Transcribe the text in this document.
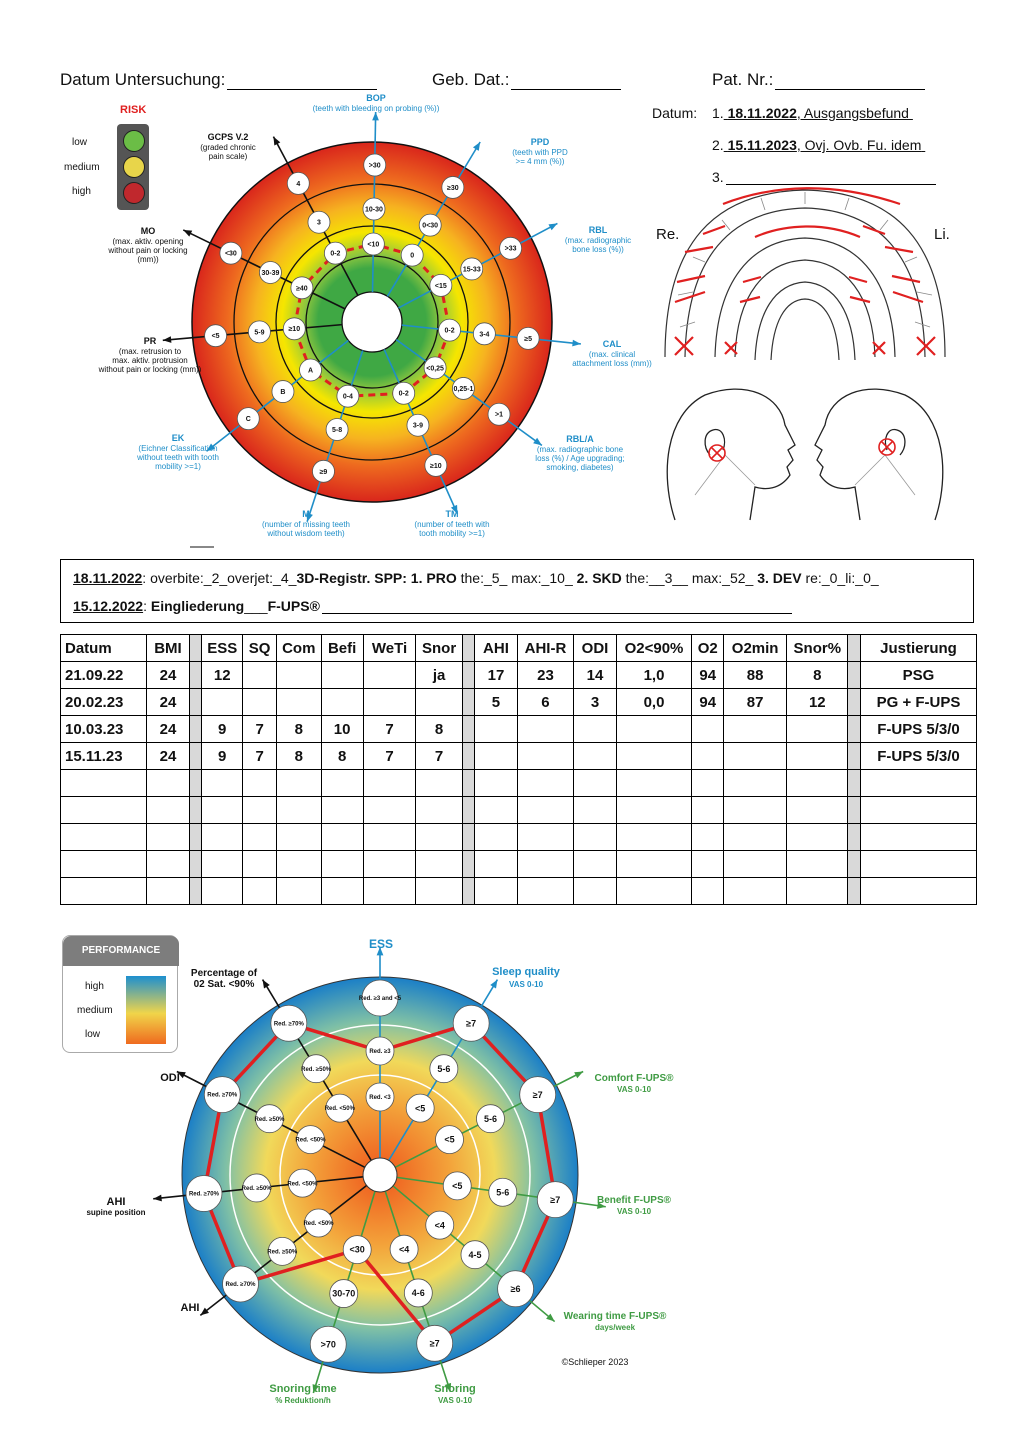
Datum Untersuchung:	Geb. Dat.:	Pat. Nr.:
Datum: 1. 18.11.2022, Ausgangsbefund
2. 15.11.2023, Ovj. Ovb. Fu. idem
3.
Re.	Li.
RISK
low
medium
high
4
3
0-2
>30
10-30
<10
≥30
0<30
0
>33
15-33
<15
≥5
3-4
0-2
>1
0,25-1
<0,25
≥10
3-9
0-2
≥9
5-8
0-4
C
B
A
<5
5-9	≥10
<30
30-39
≥40
BOP
(teeth with bleeding on probing (%))
PPD
(teeth with PPD
>= 4 mm (%))
RBL
(max. radiographic
bone loss (%))
CAL
(max. clinical
attachment loss (mm))
RBL/A
(max. radiographic bone
loss (%) / Age upgrading;
smoking, diabetes)
TM
(number of teeth with
tooth mobility >=1)
M
(number of missing teeth
without wisdom teeth)
EK
(Eichner Classification
without teeth with tooth
mobility >=1)
PR
(max. retrusion to
max. aktiv. protrusion
without pain or locking (mm))
MO
(max. aktiv. opening
without pain or locking
(mm))
GCPS V.2
(graded chronic
pain scale)
18.11.2022: overbite:_2_overjet:_4_3D-Registr. SPP: 1. PRO the:_5_ max:_10_ 2. SKD the:__3__ max:_52_ 3. DEV re:_0_li:_0_
15.12.2022: Eingliederung___F-UPS®
Datum	BMI		ESS	SQ	Com	Befi	WeTi	Snor		AHI	AHI-R	ODI	O2<90%	O2	O2min	Snor%		Justierung
21.09.22	24		12					ja		17	23	14	1,0	94	88	8		PSG
20.02.23	24									5	6	3	0,0	94	87	12		PG + F-UPS
10.03.23	24		9	7	8	10	7	8										F-UPS 5/3/0
15.11.23	24		9	7	8	8	7	7										F-UPS 5/3/0

PERFORMANCE
high
medium
low
Red. ≥3 and <5
Red. ≥3
Red. <3
≥7
5-6
<5
≥7
5-6
<5
≥7
5-6
<5
≥6
4-5
<4
≥7
4-6
<4
>70
30-70
<30
Red. ≥70%
Red. ≥50%
Red. <50%
Red. ≥70%
Red. ≥50%
Red. <50%
Red. ≥70%
Red. ≥50%
Red. <50%
Red. ≥70%
Red. ≥50%
Red. <50%
ESS
Sleep quality
VAS 0-10
Comfort F-UPS®
VAS 0-10
Benefit F-UPS®
VAS 0-10
Wearing time F-UPS®
days/week
Snoring
VAS 0-10
Snoring time
% Reduktion/h
AHI
AHI
supine position
ODI
Percentage of
02 Sat. <90%
©Schlieper 2023
